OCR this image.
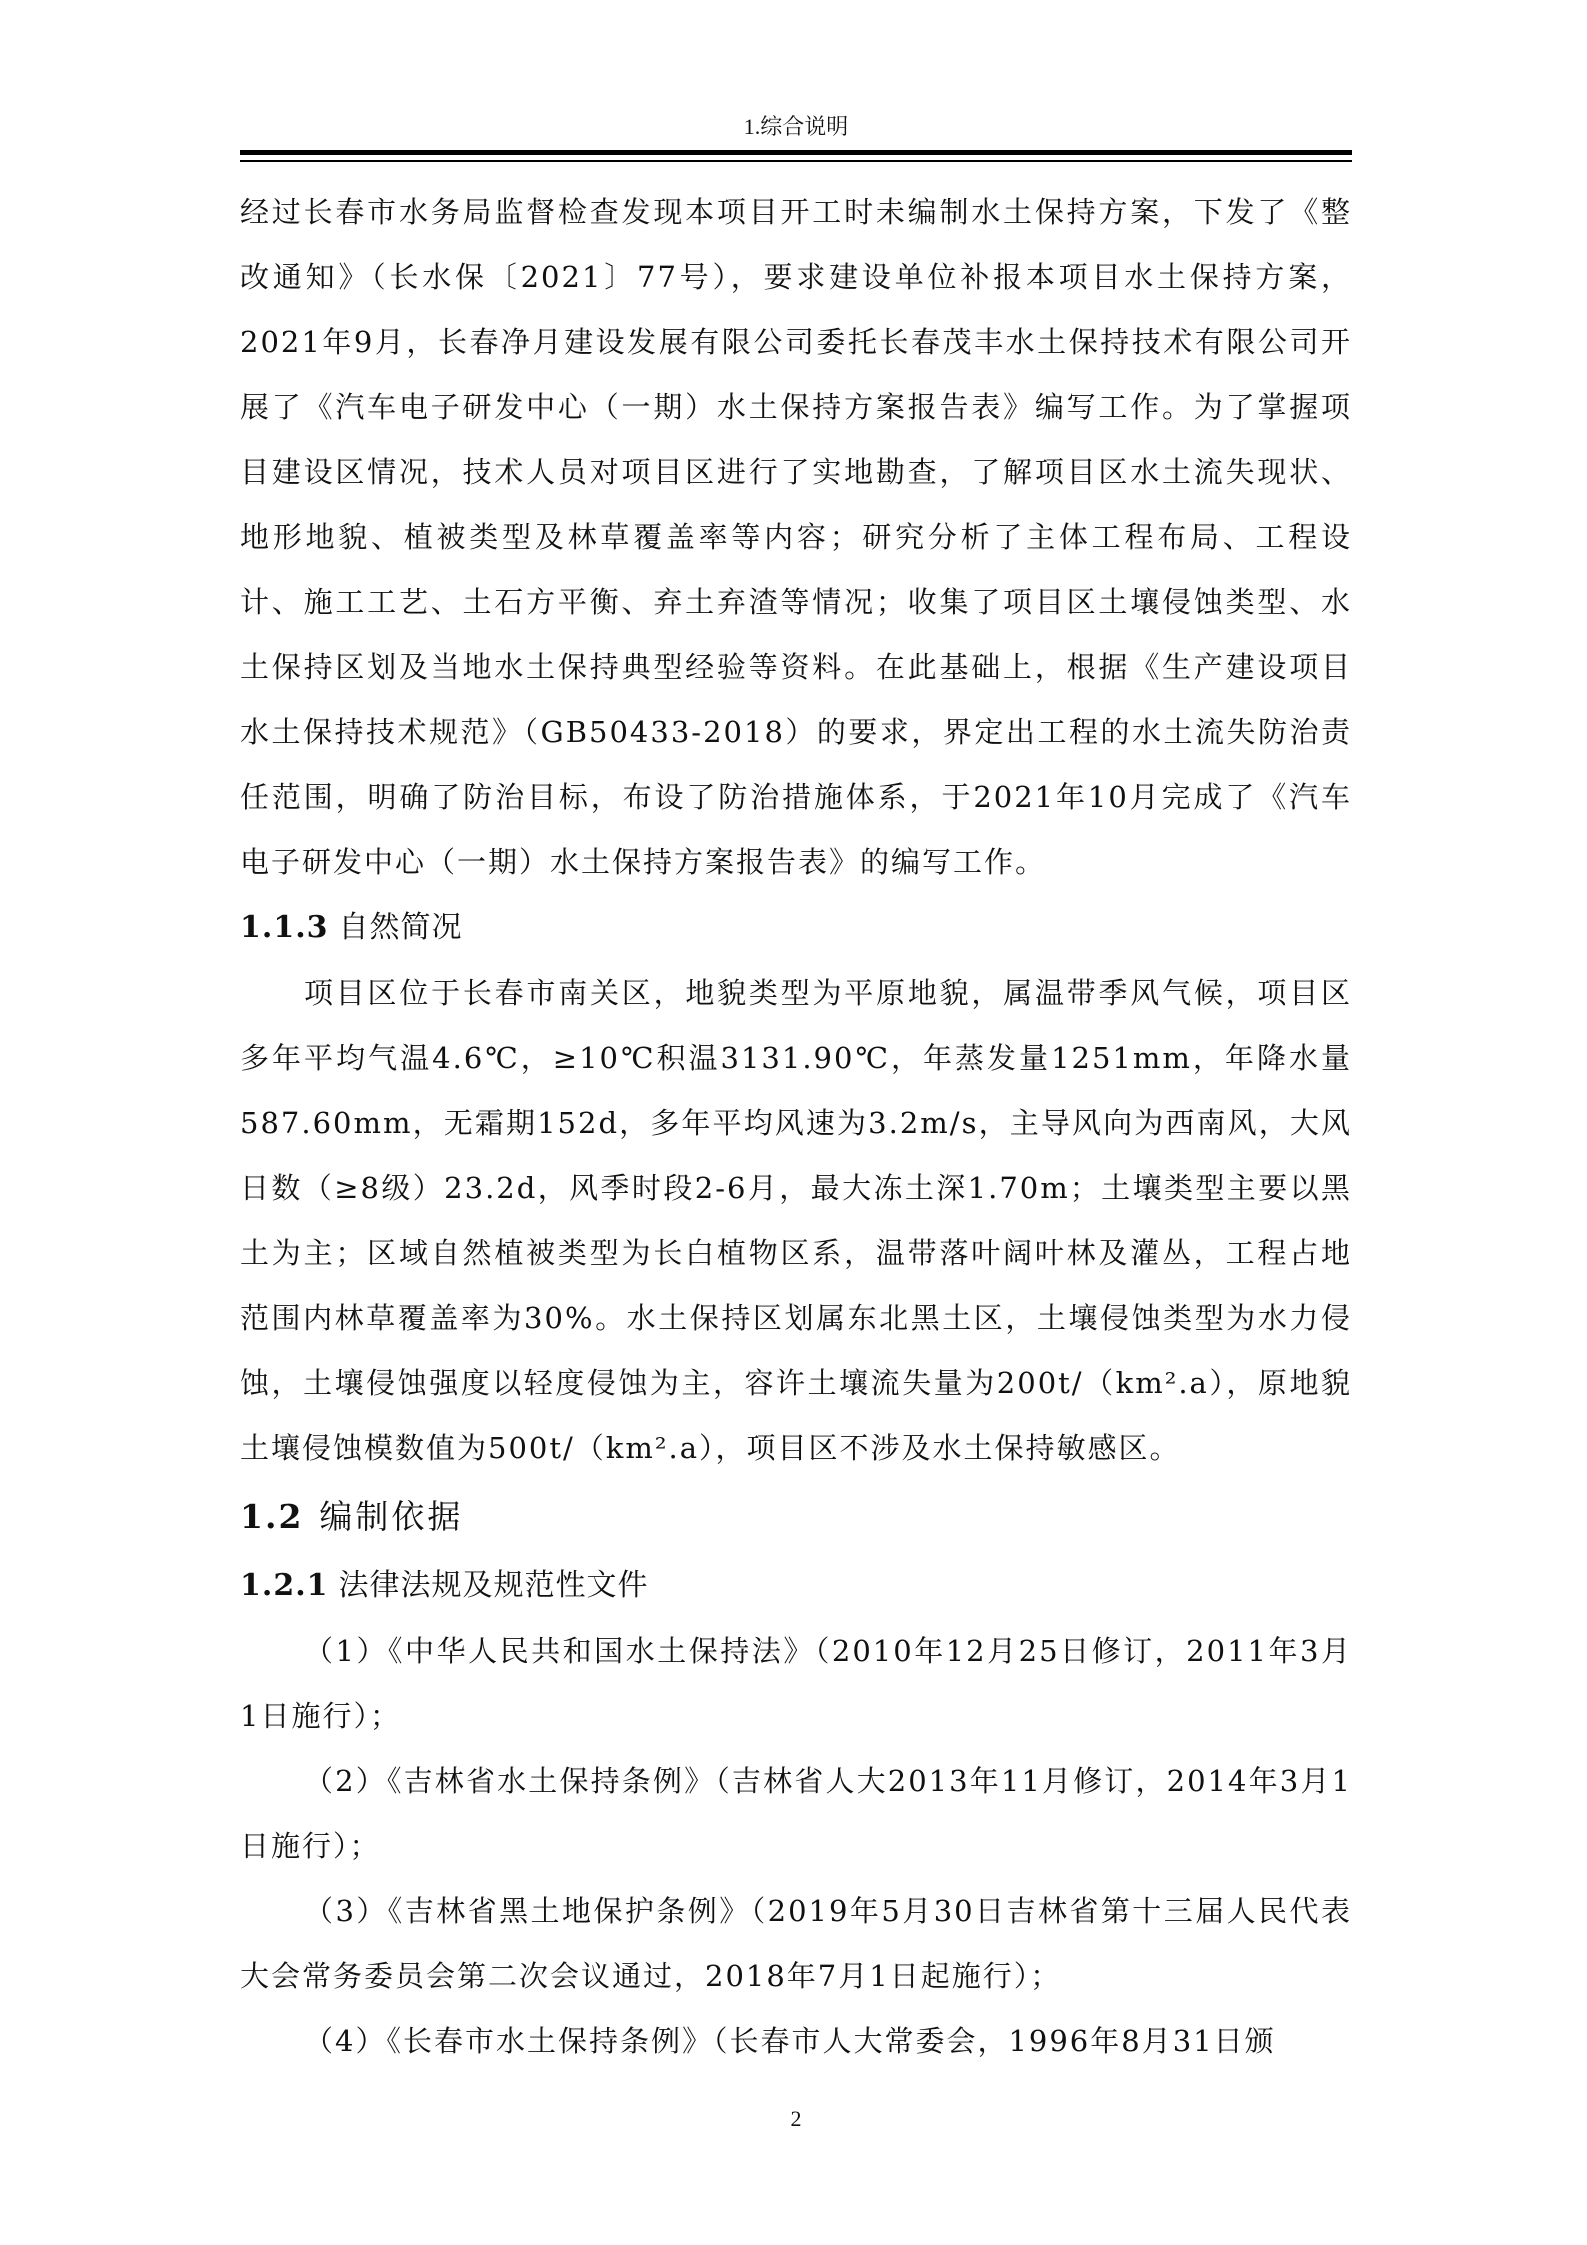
1.综合说明

经过长春市水务局监督检查发现本项目开工时未编制水土保持方案，下发了《整改通知》（长水保〔2021〕77号），要求建设单位补报本项目水土保持方案，2021年9月，长春净月建设发展有限公司委托长春茂丰水土保持技术有限公司开展了《汽车电子研发中心（一期）水土保持方案报告表》编写工作。为了掌握项目建设区情况，技术人员对项目区进行了实地勘查，了解项目区水土流失现状、地形地貌、植被类型及林草覆盖率等内容；研究分析了主体工程布局、工程设计、施工工艺、土石方平衡、弃土弃渣等情况；收集了项目区土壤侵蚀类型、水土保持区划及当地水土保持典型经验等资料。在此基础上，根据《生产建设项目水土保持技术规范》（GB50433-2018）的要求，界定出工程的水土流失防治责任范围，明确了防治目标，布设了防治措施体系，于2021年10月完成了《汽车电子研发中心（一期）水土保持方案报告表》的编写工作。

1.1.3 自然简况

项目区位于长春市南关区，地貌类型为平原地貌，属温带季风气候，项目区多年平均气温4.6℃，≥10℃积温3131.90℃，年蒸发量1251mm，年降水量587.60mm，无霜期152d，多年平均风速为3.2m/s，主导风向为西南风，大风日数（≥8级）23.2d，风季时段2-6月，最大冻土深1.70m；土壤类型主要以黑土为主；区域自然植被类型为长白植物区系，温带落叶阔叶林及灌丛，工程占地范围内林草覆盖率为30%。水土保持区划属东北黑土区，土壤侵蚀类型为水力侵蚀，土壤侵蚀强度以轻度侵蚀为主，容许土壤流失量为200t/（km².a），原地貌土壤侵蚀模数值为500t/（km².a），项目区不涉及水土保持敏感区。

1.2 编制依据
1.2.1 法律法规及规范性文件

（1）《中华人民共和国水土保持法》（2010年12月25日修订，2011年3月1日施行）；

（2）《吉林省水土保持条例》（吉林省人大2013年11月修订，2014年3月1日施行）；

（3）《吉林省黑土地保护条例》（2019年5月30日吉林省第十三届人民代表大会常务委员会第二次会议通过，2018年7月1日起施行）；

（4）《长春市水土保持条例》（长春市人大常委会，1996年8月31日颁

2
